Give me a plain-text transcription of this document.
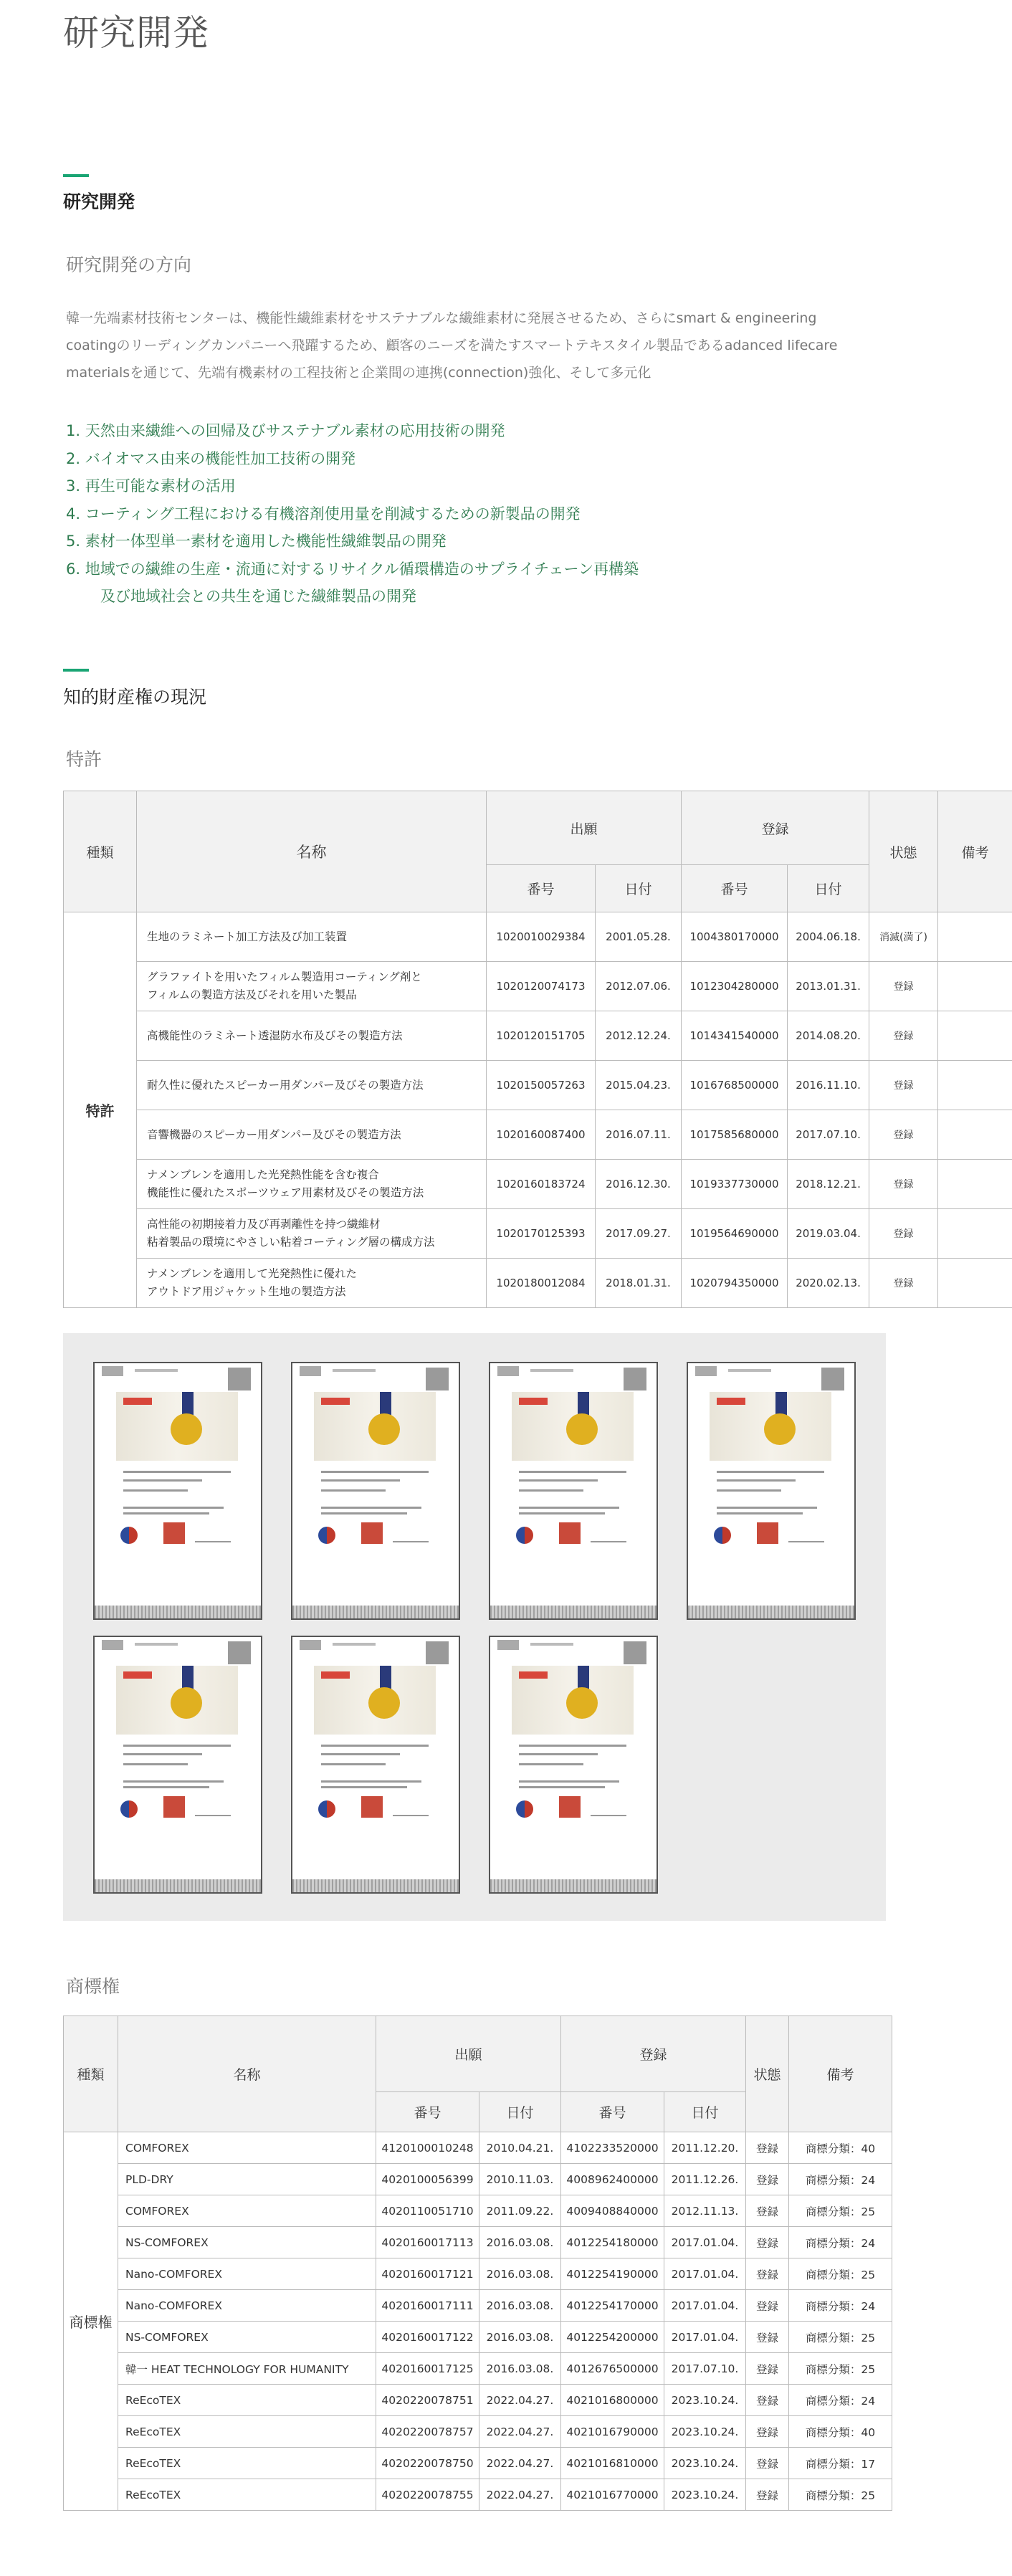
研究開発
研究開発
研究開発の方向
韓一先端素材技術センターは、機能性繊維素材をサステナブルな繊維素材に発展させるため、さらにsmart & engineering coatingのリーディングカンパニーへ飛躍するため、顧客のニーズを満たすスマートテキスタイル製品であるadanced lifecare materialsを通じて、先端有機素材の工程技術と企業間の連携(connection)強化、そして多元化
1. 天然由来繊維への回帰及びサステナブル素材の応用技術の開発
2. バイオマス由来の機能性加工技術の開発
3. 再生可能な素材の活用
4. コーティング工程における有機溶剤使用量を削減するための新製品の開発
5. 素材一体型単一素材を適用した機能性繊維製品の開発
6. 地域での繊維の生産・流通に対するリサイクル循環構造のサプライチェーン再構築
及び地域社会との共生を通じた繊維製品の開発
知的財産権の現況
特許
種類	名称	出願		登録		状態	備考
		番号	日付	番号	日付		
特許	生地のラミネート加工方法及び加工装置	1020010029384	2001.05.28.	1004380170000	2004.06.18.	消滅(満了)	
	グラファイトを用いたフィルム製造用コーティング剤と
フィルムの製造方法及びそれを用いた製品	1020120074173	2012.07.06.	1012304280000	2013.01.31.	登録	
	高機能性のラミネート透湿防水布及びその製造方法	1020120151705	2012.12.24.	1014341540000	2014.08.20.	登録	
	耐久性に優れたスピーカー用ダンパー及びその製造方法	1020150057263	2015.04.23.	1016768500000	2016.11.10.	登録	
	音響機器のスピーカー用ダンパー及びその製造方法	1020160087400	2016.07.11.	1017585680000	2017.07.10.	登録	
	ナメンブレンを適用した光発熱性能を含む複合
機能性に優れたスポーツウェア用素材及びその製造方法	1020160183724	2016.12.30.	1019337730000	2018.12.21.	登録	
	高性能の初期接着力及び再剥離性を持つ繊維材
粘着製品の環境にやさしい粘着コーティング層の構成方法	1020170125393	2017.09.27.	1019564690000	2019.03.04.	登録	
	ナメンブレンを適用して光発熱性に優れた
アウトドア用ジャケット生地の製造方法	1020180012084	2018.01.31.	1020794350000	2020.02.13.	登録	
商標権
種類	名称	出願		登録		状態	備考
		番号	日付	番号	日付		
商標権	COMFOREX	4120100010248	2010.04.21.	4102233520000	2011.12.20.	登録	商標分類：40
	PLD-DRY	4020100056399	2010.11.03.	4008962400000	2011.12.26.	登録	商標分類：24
	COMFOREX	4020110051710	2011.09.22.	4009408840000	2012.11.13.	登録	商標分類：25
	NS-COMFOREX	4020160017113	2016.03.08.	4012254180000	2017.01.04.	登録	商標分類：24
	Nano-COMFOREX	4020160017121	2016.03.08.	4012254190000	2017.01.04.	登録	商標分類：25
	Nano-COMFOREX	4020160017111	2016.03.08.	4012254170000	2017.01.04.	登録	商標分類：24
	NS-COMFOREX	4020160017122	2016.03.08.	4012254200000	2017.01.04.	登録	商標分類：25
	韓一 HEAT TECHNOLOGY FOR HUMANITY	4020160017125	2016.03.08.	4012676500000	2017.07.10.	登録	商標分類：25
	ReEcoTEX	4020220078751	2022.04.27.	4021016800000	2023.10.24.	登録	商標分類：24
	ReEcoTEX	4020220078757	2022.04.27.	4021016790000	2023.10.24.	登録	商標分類：40
	ReEcoTEX	4020220078750	2022.04.27.	4021016810000	2023.10.24.	登録	商標分類：17
	ReEcoTEX	4020220078755	2022.04.27.	4021016770000	2023.10.24.	登録	商標分類：25
